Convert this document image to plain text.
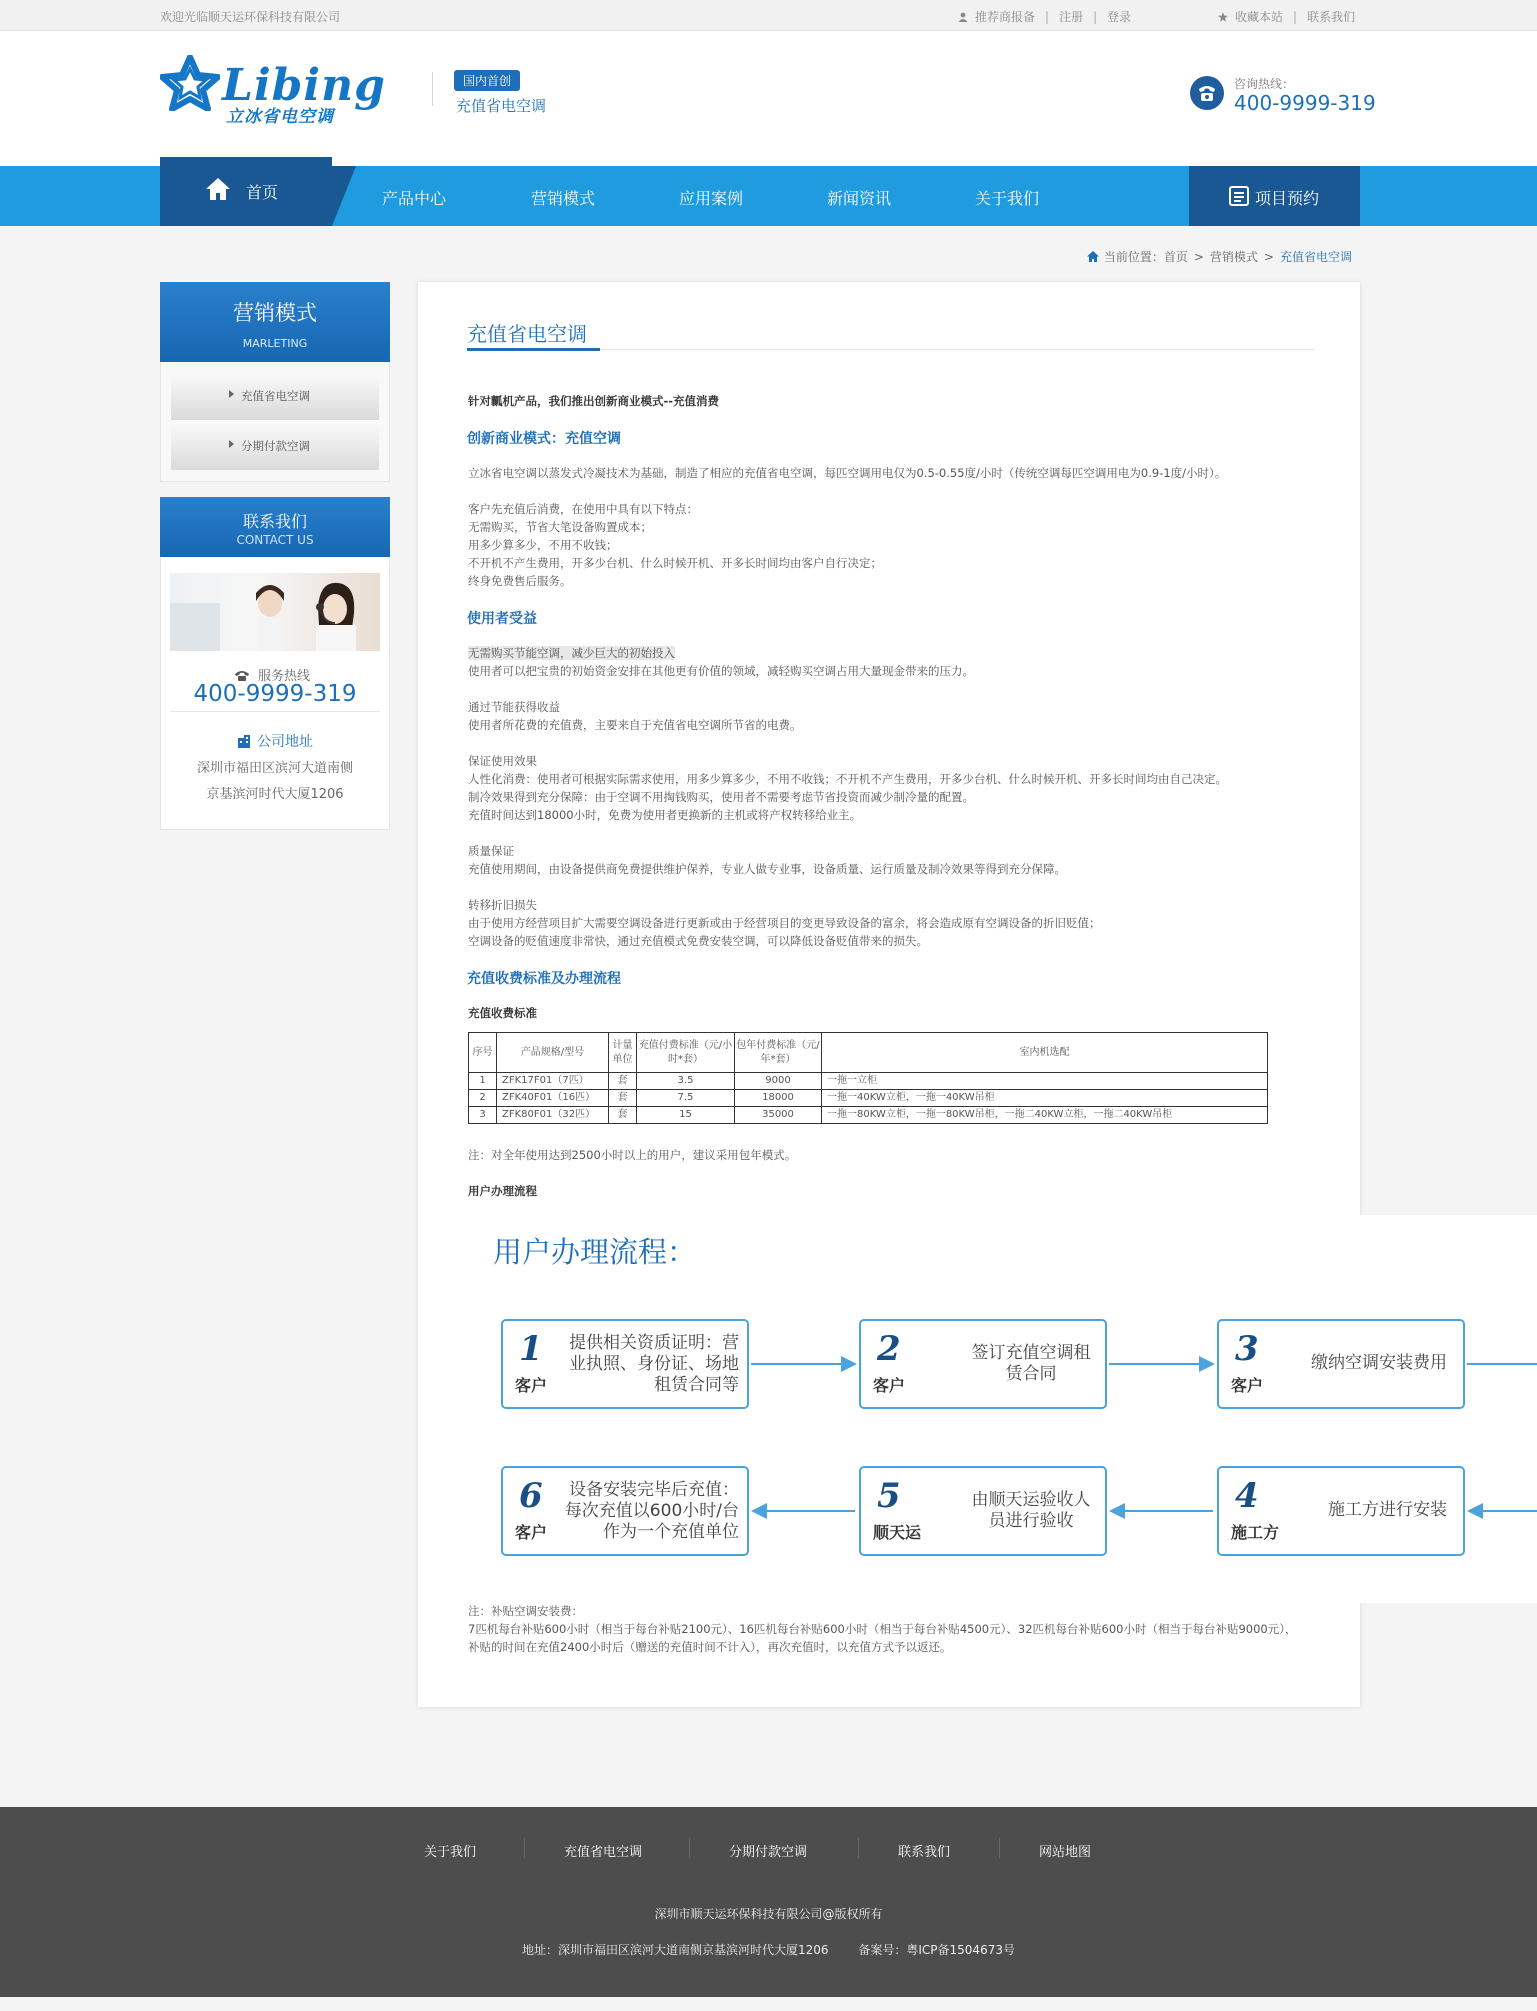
欢迎光临顺天运环保科技有限公司	推荐商报备 | 注册 | 登录	收藏本站 | 联系我们
Libing
立冰省电空调
国内首创
充值省电空调
咨询热线：
400-9999-319
首页	产品中心	营销模式	应用案例	新闻资讯	关于我们	项目预约
当前位置： 首页 > 营销模式 > 充值省电空调
营销模式
MARLETING
充值省电空调
分期付款空调
联系我们
CONTACT US
服务热线
400-9999-319
公司地址
深圳市福田区滨河大道南侧
京基滨河时代大厦1206
充值省电空调
针对瓤机产品，我们推出创新商业模式--充值消费
创新商业模式：充值空调
立冰省电空调以蒸发式冷凝技术为基础，制造了相应的充值省电空调，每匹空调用电仅为0.5-0.55度/小时（传统空调每匹空调用电为0.9-1度/小时）。
客户先充值后消费，在使用中具有以下特点：
无需购买，节省大笔设备购置成本；
用多少算多少，不用不收钱；
不开机不产生费用，开多少台机、什么时候开机、开多长时间均由客户自行决定；
终身免费售后服务。
使用者受益
无需购买节能空调，减少巨大的初始投入
使用者可以把宝贵的初始资金安排在其他更有价值的领域，减轻购买空调占用大量现金带来的压力。
通过节能获得收益
使用者所花费的充值费，主要来自于充值省电空调所节省的电费。
保证使用效果
人性化消费：使用者可根据实际需求使用，用多少算多少，不用不收钱；不开机不产生费用，开多少台机、什么时候开机、开多长时间均由自己决定。
制冷效果得到充分保障：由于空调不用掏钱购买，使用者不需要考虑节省投资而减少制冷量的配置。
充值时间达到18000小时，免费为使用者更换新的主机或将产权转移给业主。
质量保证
充值使用期间，由设备提供商免费提供维护保养，专业人做专业事，设备质量、运行质量及制冷效果等得到充分保障。
转移折旧损失
由于使用方经营项目扩大需要空调设备进行更新或由于经营项目的变更导致设备的富余，将会造成原有空调设备的折旧贬值；
空调设备的贬值速度非常快，通过充值模式免费安装空调，可以降低设备贬值带来的损失。
充值收费标准及办理流程
充值收费标准
序号	产品规格/型号	计量单位	充值付费标准（元/小时*套）	包年付费标准（元/年*套）	室内机选配
1	ZFK17F01（7匹）	套	3.5	9000	一拖一立柜
2	ZFK40F01（16匹）	套	7.5	18000	一拖一40KW立柜，一拖一40KW吊柜
3	ZFK80F01（32匹）	套	15	35000	一拖一80KW立柜，一拖一80KW吊柜，一拖二40KW立柜，一拖二40KW吊柜
注：对全年使用达到2500小时以上的用户，建议采用包年模式。
用户办理流程
用户办理流程：
1
客户
提供相关资质证明：营业执照、身份证、场地租赁合同等
2
客户
签订充值空调租赁合同
3
客户
缴纳空调安装费用
4
施工方
施工方进行安装
5
顺天运
由顺天运验收人员进行验收
6
客户
设备安装完毕后充值：每次充值以600小时/台作为一个充值单位
注：补贴空调安装费：
7匹机每台补贴600小时（相当于每台补贴2100元）、16匹机每台补贴600小时（相当于每台补贴4500元）、32匹机每台补贴600小时（相当于每台补贴9000元），
补贴的时间在充值2400小时后（赠送的充值时间不计入），再次充值时，以充值方式予以返还。
关于我们	充值省电空调	分期付款空调	联系我们	网站地图
深圳市顺天运环保科技有限公司@版权所有
地址：深圳市福田区滨河大道南侧京基滨河时代大厦1206 备案号：粤ICP备1504673号
